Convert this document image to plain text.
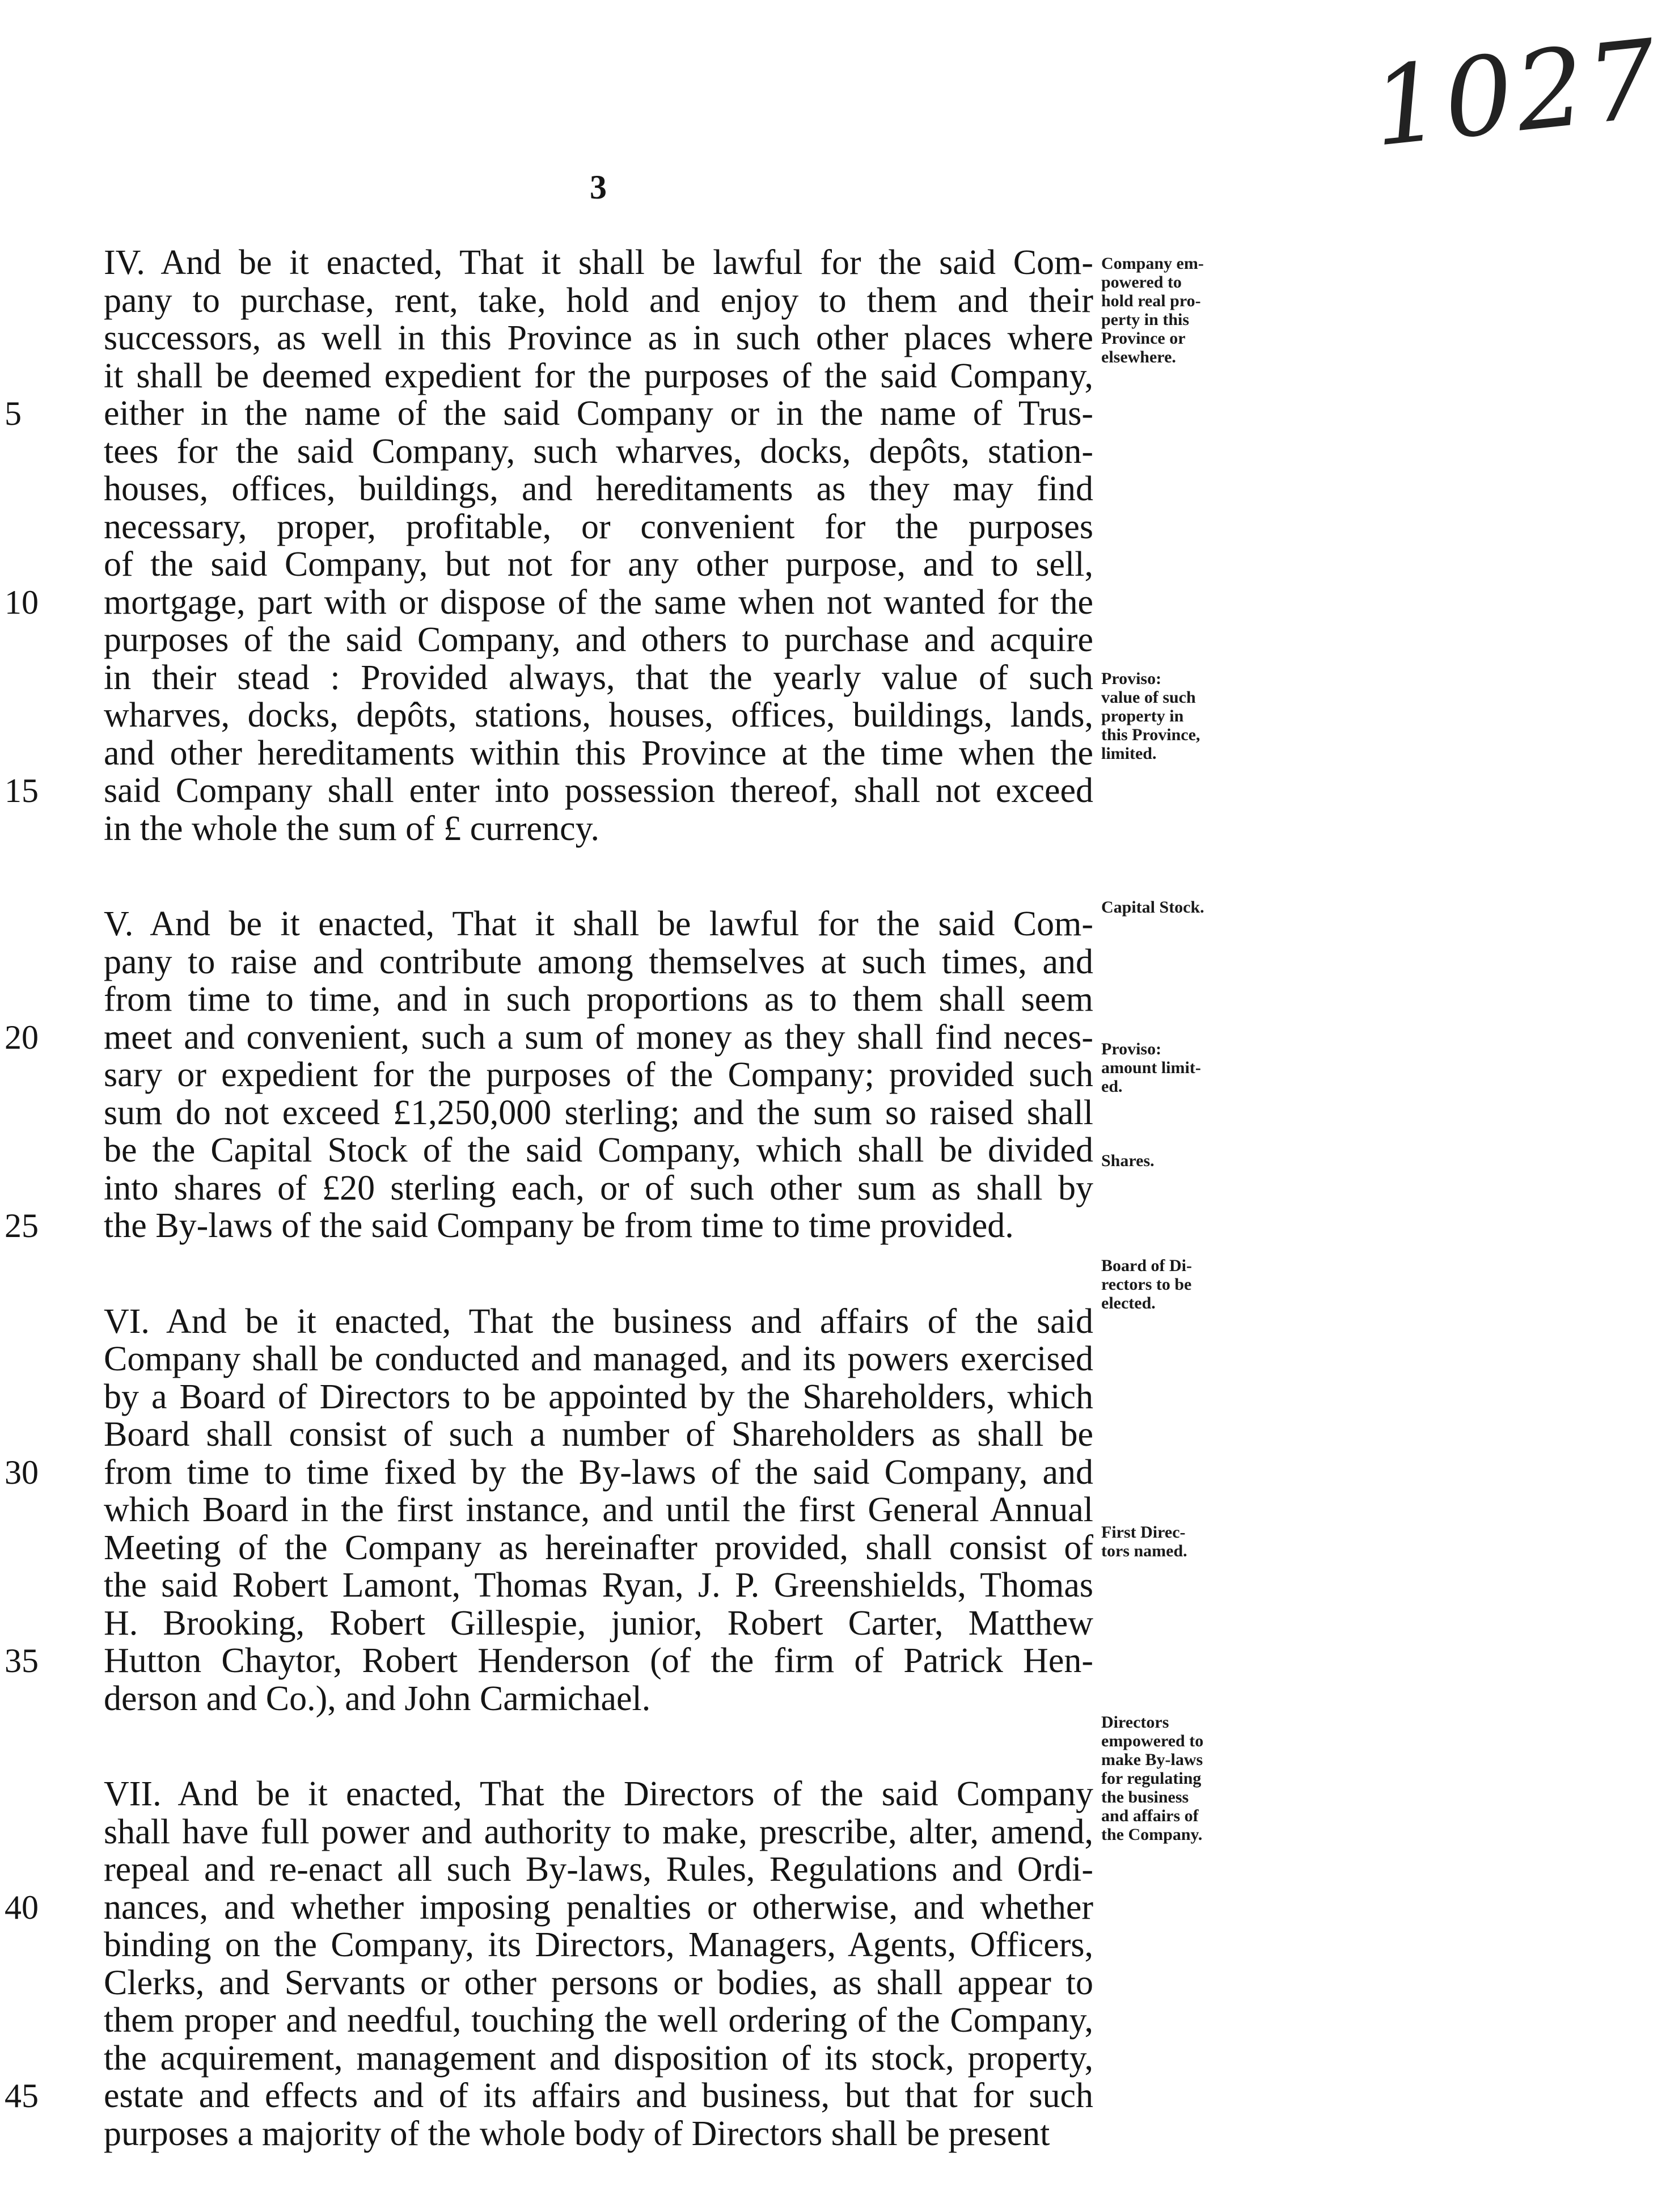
1027
3
IV. And be it enacted, That it shall be lawful for the said Com-
pany to purchase, rent, take, hold and enjoy to them and their
successors, as well in this Province as in such other places where
it shall be deemed expedient for the purposes of the said Company,
5	either in the name of the said Company or in the name of Trus-
tees for the said Company, such wharves, docks, depôts, station-
houses, offices, buildings, and hereditaments as they may find
necessary, proper, profitable, or convenient for the purposes
of the said Company, but not for any other purpose, and to sell,
10	mortgage, part with or dispose of the same when not wanted for the
purposes of the said Company, and others to purchase and acquire
in their stead : Provided always, that the yearly value of such
wharves, docks, depôts, stations, houses, offices, buildings, lands,
and other hereditaments within this Province at the time when the
15	said Company shall enter into possession thereof, shall not exceed
in the whole the sum of £ currency.
V. And be it enacted, That it shall be lawful for the said Com-
pany to raise and contribute among themselves at such times, and
from time to time, and in such proportions as to them shall seem
20	meet and convenient, such a sum of money as they shall find neces-
sary or expedient for the purposes of the Company; provided such
sum do not exceed £1,250,000 sterling; and the sum so raised shall
be the Capital Stock of the said Company, which shall be divided
into shares of £20 sterling each, or of such other sum as shall by
25	the By-laws of the said Company be from time to time provided.
VI. And be it enacted, That the business and affairs of the said
Company shall be conducted and managed, and its powers exercised
by a Board of Directors to be appointed by the Shareholders, which
Board shall consist of such a number of Shareholders as shall be
30	from time to time fixed by the By-laws of the said Company, and
which Board in the first instance, and until the first General Annual
Meeting of the Company as hereinafter provided, shall consist of
the said Robert Lamont, Thomas Ryan, J. P. Greenshields, Thomas
H. Brooking, Robert Gillespie, junior, Robert Carter, Matthew
35	Hutton Chaytor, Robert Henderson (of the firm of Patrick Hen-
derson and Co.), and John Carmichael.
VII. And be it enacted, That the Directors of the said Company
shall have full power and authority to make, prescribe, alter, amend,
repeal and re-enact all such By-laws, Rules, Regulations and Ordi-
40	nances, and whether imposing penalties or otherwise, and whether
binding on the Company, its Directors, Managers, Agents, Officers,
Clerks, and Servants or other persons or bodies, as shall appear to
them proper and needful, touching the well ordering of the Company,
the acquirement, management and disposition of its stock, property,
45	estate and effects and of its affairs and business, but that for such
purposes a majority of the whole body of Directors shall be present
Company em-
powered to
hold real pro-
perty in this
Province or
elsewhere.
Proviso:
value of such
property in
this Province,
limited.
Capital Stock.
Proviso:
amount limit-
ed.
Shares.
Board of Di-
rectors to be
elected.
First Direc-
tors named.
Directors
empowered to
make By-laws
for regulating
the business
and affairs of
the Company.
